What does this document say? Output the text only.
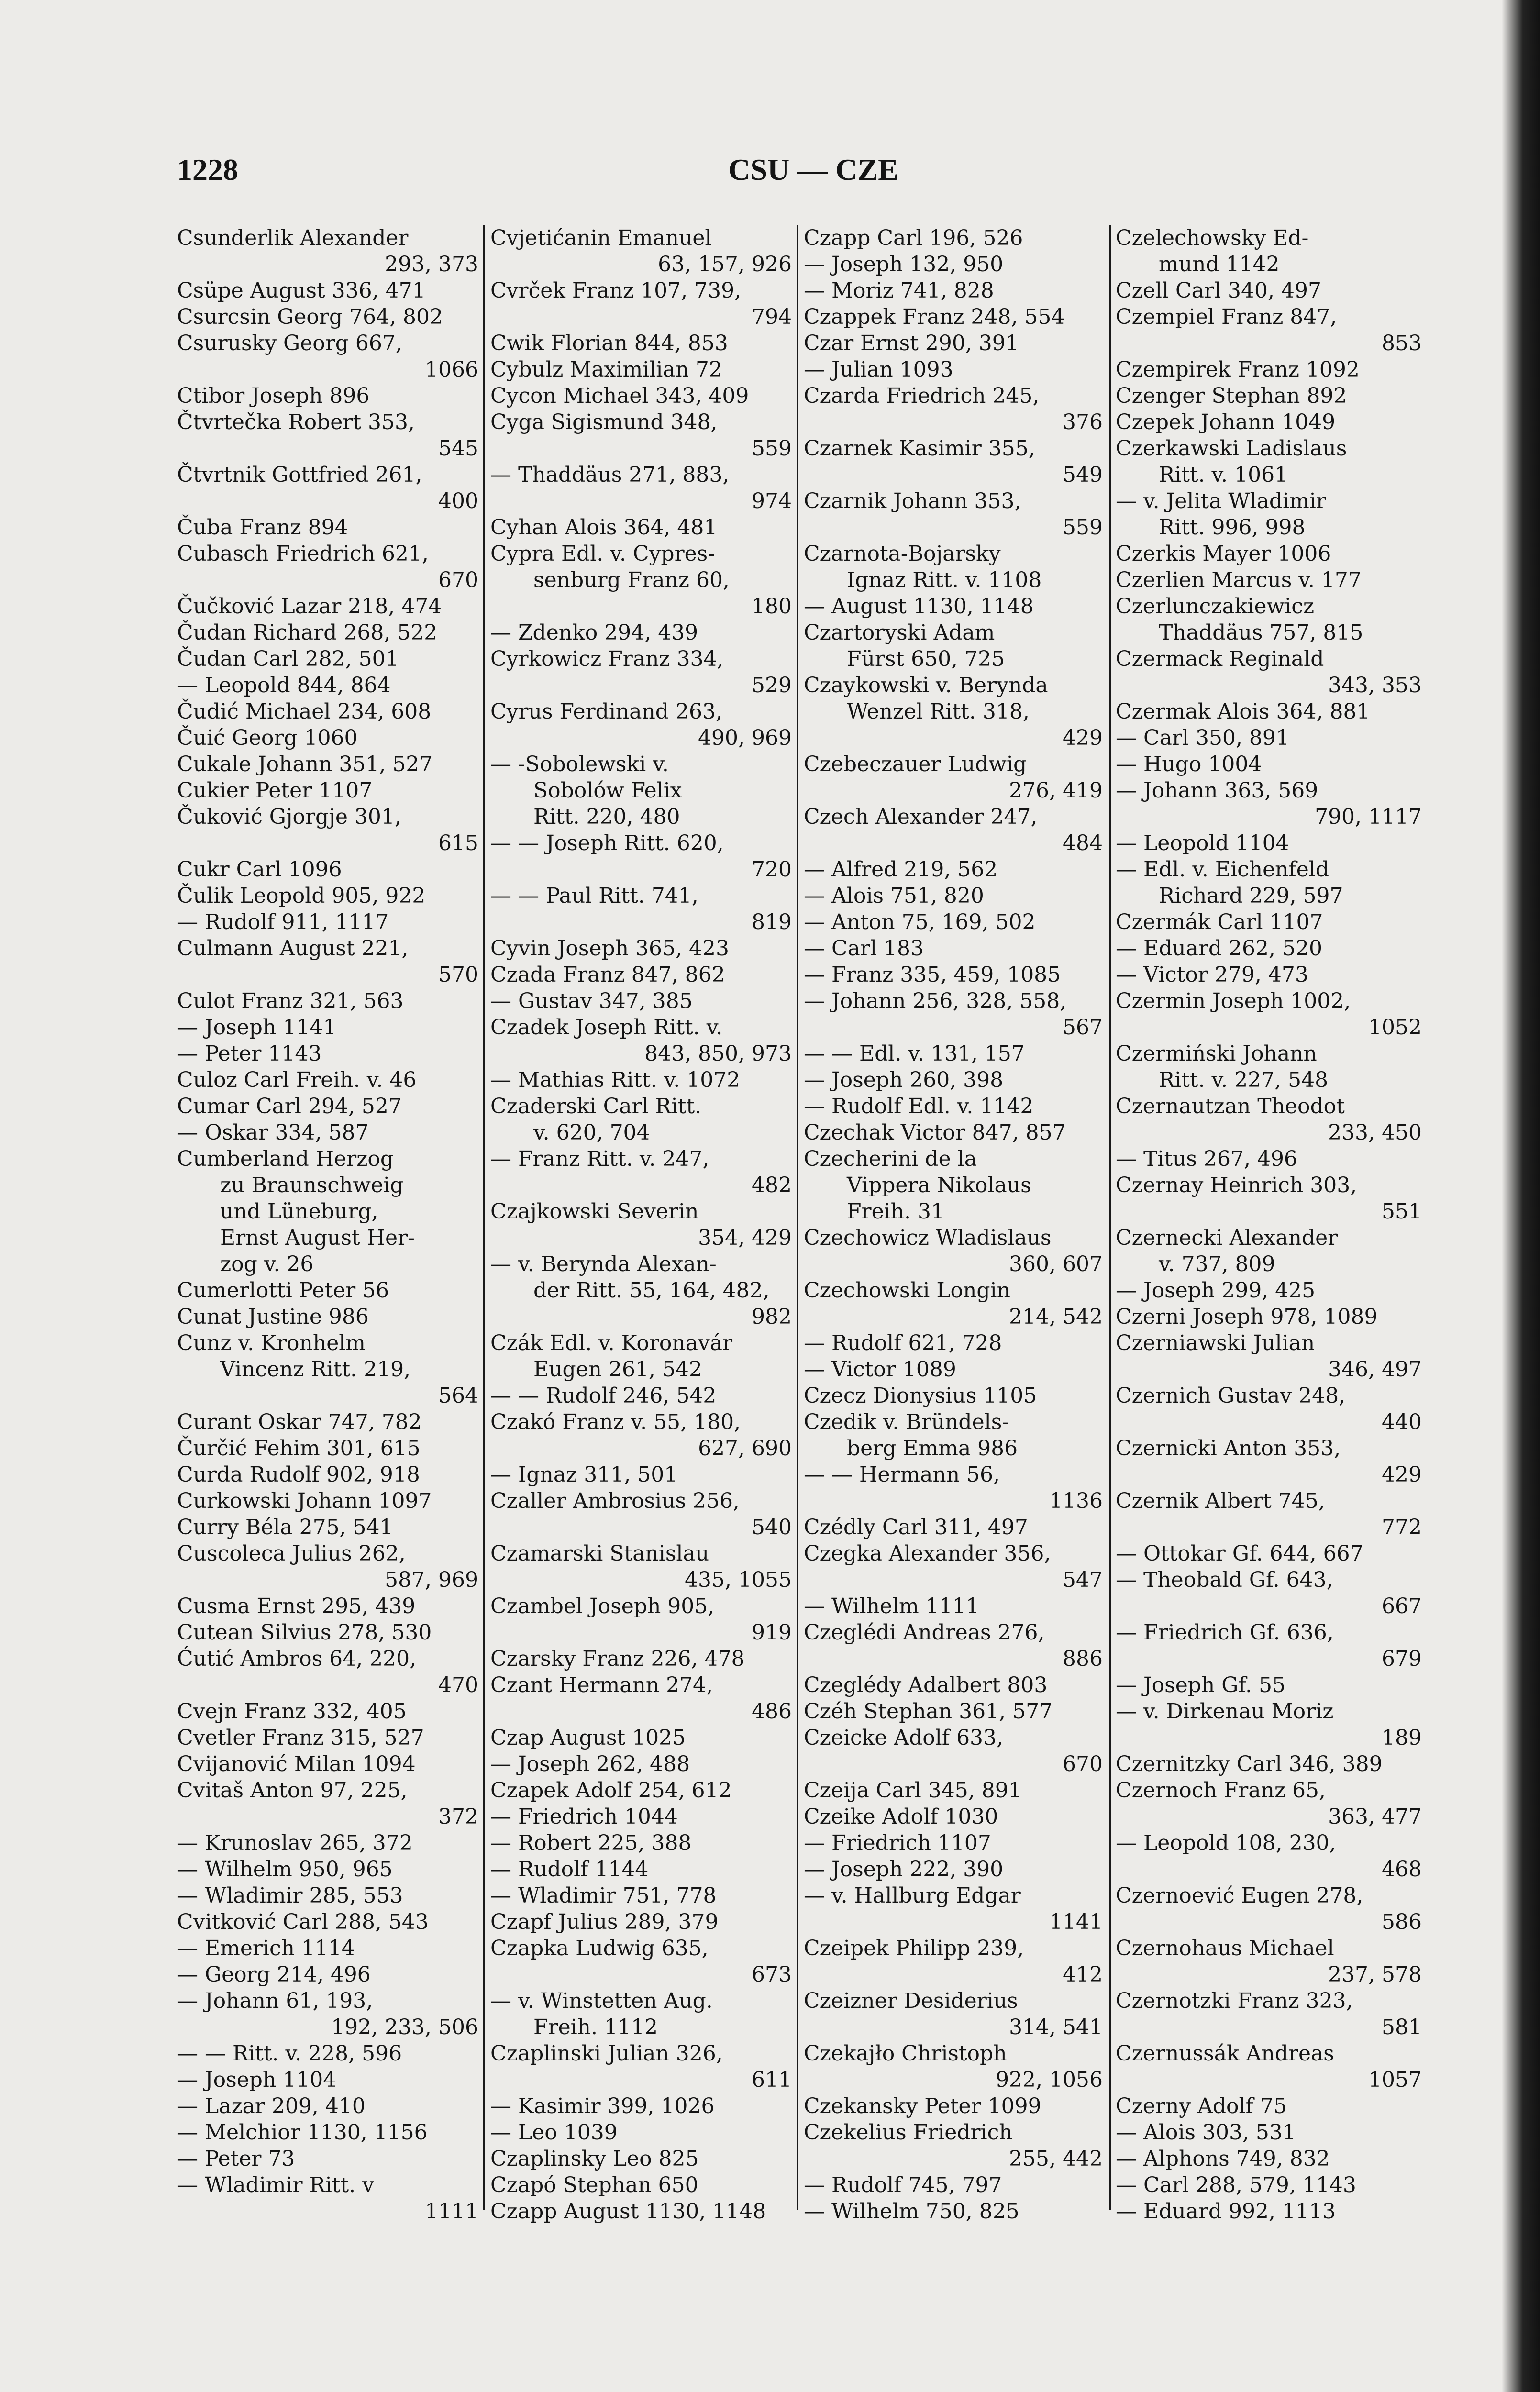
1228	CSU — CZE
Csunderlik Alexander
293, 373
Csüpe August 336, 471
Csurcsin Georg 764, 802
Csurusky Georg 667,
1066
Ctibor Joseph 896
Čtvrtečka Robert 353,
545
Čtvrtnik Gottfried 261,
400
Čuba Franz 894
Cubasch Friedrich 621,
670
Čučković Lazar 218, 474
Čudan Richard 268, 522
Čudan Carl 282, 501
— Leopold 844, 864
Čudić Michael 234, 608
Čuić Georg 1060
Cukale Johann 351, 527
Cukier Peter 1107
Čuković Gjorgje 301,
615
Cukr Carl 1096
Čulik Leopold 905, 922
— Rudolf 911, 1117
Culmann August 221,
570
Culot Franz 321, 563
— Joseph 1141
— Peter 1143
Culoz Carl Freih. v. 46
Cumar Carl 294, 527
— Oskar 334, 587
Cumberland Herzog
zu Braunschweig
und Lüneburg,
Ernst August Her-
zog v. 26
Cumerlotti Peter 56
Cunat Justine 986
Cunz v. Kronhelm
Vincenz Ritt. 219,
564
Curant Oskar 747, 782
Čurčić Fehim 301, 615
Curda Rudolf 902, 918
Curkowski Johann 1097
Curry Béla 275, 541
Cuscoleca Julius 262,
587, 969
Cusma Ernst 295, 439
Cutean Silvius 278, 530
Ćutić Ambros 64, 220,
470
Cvejn Franz 332, 405
Cvetler Franz 315, 527
Cvijanović Milan 1094
Cvitaš Anton 97, 225,
372
— Krunoslav 265, 372
— Wilhelm 950, 965
— Wladimir 285, 553
Cvitković Carl 288, 543
— Emerich 1114
— Georg 214, 496
— Johann 61, 193,
192, 233, 506
— — Ritt. v. 228, 596
— Joseph 1104
— Lazar 209, 410
— Melchior 1130, 1156
— Peter 73
— Wladimir Ritt. v
1111
Cvjetićanin Emanuel
63, 157, 926
Cvrček Franz 107, 739,
794
Cwik Florian 844, 853
Cybulz Maximilian 72
Cycon Michael 343, 409
Cyga Sigismund 348,
559
— Thaddäus 271, 883,
974
Cyhan Alois 364, 481
Cypra Edl. v. Cypres-
senburg Franz 60,
180
— Zdenko 294, 439
Cyrkowicz Franz 334,
529
Cyrus Ferdinand 263,
490, 969
— -Sobolewski v.
Sobolów Felix
Ritt. 220, 480
— — Joseph Ritt. 620,
720
— — Paul Ritt. 741,
819
Cyvin Joseph 365, 423
Czada Franz 847, 862
— Gustav 347, 385
Czadek Joseph Ritt. v.
843, 850, 973
— Mathias Ritt. v. 1072
Czaderski Carl Ritt.
v. 620, 704
— Franz Ritt. v. 247,
482
Czajkowski Severin
354, 429
— v. Berynda Alexan-
der Ritt. 55, 164, 482,
982
Czák Edl. v. Koronavár
Eugen 261, 542
— — Rudolf 246, 542
Czakó Franz v. 55, 180,
627, 690
— Ignaz 311, 501
Czaller Ambrosius 256,
540
Czamarski Stanislau
435, 1055
Czambel Joseph 905,
919
Czarsky Franz 226, 478
Czant Hermann 274,
486
Czap August 1025
— Joseph 262, 488
Czapek Adolf 254, 612
— Friedrich 1044
— Robert 225, 388
— Rudolf 1144
— Wladimir 751, 778
Czapf Julius 289, 379
Czapka Ludwig 635,
673
— v. Winstetten Aug.
Freih. 1112
Czaplinski Julian 326,
611
— Kasimir 399, 1026
— Leo 1039
Czaplinsky Leo 825
Czapó Stephan 650
Czapp August 1130, 1148
Czapp Carl 196, 526
— Joseph 132, 950
— Moriz 741, 828
Czappek Franz 248, 554
Czar Ernst 290, 391
— Julian 1093
Czarda Friedrich 245,
376
Czarnek Kasimir 355,
549
Czarnik Johann 353,
559
Czarnota-Bojarsky
Ignaz Ritt. v. 1108
— August 1130, 1148
Czartoryski Adam
Fürst 650, 725
Czaykowski v. Berynda
Wenzel Ritt. 318,
429
Czebeczauer Ludwig
276, 419
Czech Alexander 247,
484
— Alfred 219, 562
— Alois 751, 820
— Anton 75, 169, 502
— Carl 183
— Franz 335, 459, 1085
— Johann 256, 328, 558,
567
— — Edl. v. 131, 157
— Joseph 260, 398
— Rudolf Edl. v. 1142
Czechak Victor 847, 857
Czecherini de la
Vippera Nikolaus
Freih. 31
Czechowicz Wladislaus
360, 607
Czechowski Longin
214, 542
— Rudolf 621, 728
— Victor 1089
Czecz Dionysius 1105
Czedik v. Bründels-
berg Emma 986
— — Hermann 56,
1136
Czédly Carl 311, 497
Czegka Alexander 356,
547
— Wilhelm 1111
Czeglédi Andreas 276,
886
Czeglédy Adalbert 803
Czéh Stephan 361, 577
Czeicke Adolf 633,
670
Czeija Carl 345, 891
Czeike Adolf 1030
— Friedrich 1107
— Joseph 222, 390
— v. Hallburg Edgar
1141
Czeipek Philipp 239,
412
Czeizner Desiderius
314, 541
Czekajło Christoph
922, 1056
Czekansky Peter 1099
Czekelius Friedrich
255, 442
— Rudolf 745, 797
— Wilhelm 750, 825
Czelechowsky Ed-
mund 1142
Czell Carl 340, 497
Czempiel Franz 847,
853
Czempirek Franz 1092
Czenger Stephan 892
Czepek Johann 1049
Czerkawski Ladislaus
Ritt. v. 1061
— v. Jelita Wladimir
Ritt. 996, 998
Czerkis Mayer 1006
Czerlien Marcus v. 177
Czerlunczakiewicz
Thaddäus 757, 815
Czermack Reginald
343, 353
Czermak Alois 364, 881
— Carl 350, 891
— Hugo 1004
— Johann 363, 569
790, 1117
— Leopold 1104
— Edl. v. Eichenfeld
Richard 229, 597
Czermák Carl 1107
— Eduard 262, 520
— Victor 279, 473
Czermin Joseph 1002,
1052
Czermiński Johann
Ritt. v. 227, 548
Czernautzan Theodot
233, 450
— Titus 267, 496
Czernay Heinrich 303,
551
Czernecki Alexander
v. 737, 809
— Joseph 299, 425
Czerni Joseph 978, 1089
Czerniawski Julian
346, 497
Czernich Gustav 248,
440
Czernicki Anton 353,
429
Czernik Albert 745,
772
— Ottokar Gf. 644, 667
— Theobald Gf. 643,
667
— Friedrich Gf. 636,
679
— Joseph Gf. 55
— v. Dirkenau Moriz
189
Czernitzky Carl 346, 389
Czernoch Franz 65,
363, 477
— Leopold 108, 230,
468
Czernoević Eugen 278,
586
Czernohaus Michael
237, 578
Czernotzki Franz 323,
581
Czernussák Andreas
1057
Czerny Adolf 75
— Alois 303, 531
— Alphons 749, 832
— Carl 288, 579, 1143
— Eduard 992, 1113
